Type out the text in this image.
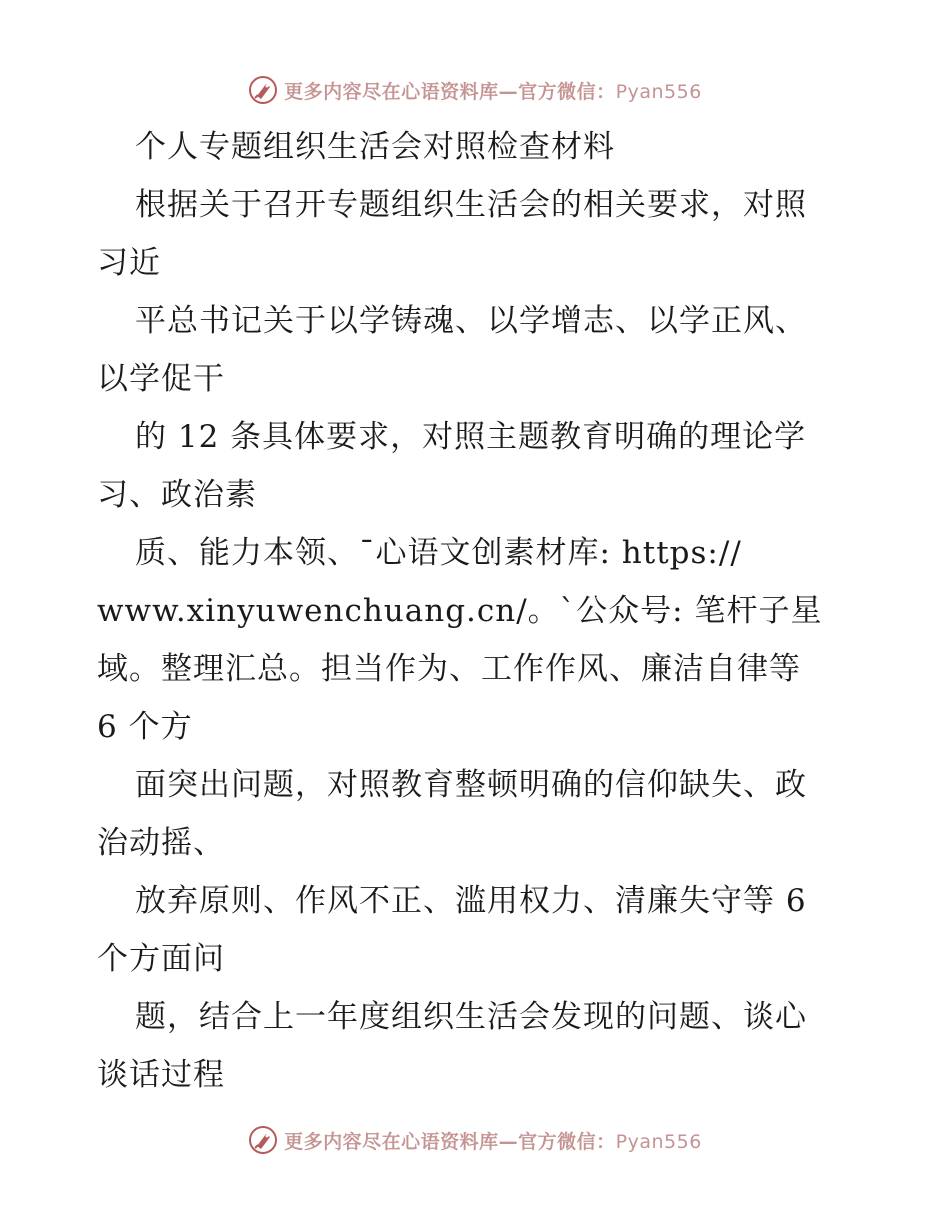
更多内容尽在心语资料库—官方微信：Pyan556
个人专题组织生活会对照检查材料
根据关于召开专题组织生活会的相关要求，对照
习近
平总书记关于以学铸魂、以学增志、以学正风、
以学促干
的 12 条具体要求，对照主题教育明确的理论学
习、政治素
质、能力本领、¯心语文创素材库: https://
www.xinyuwenchuang.cn/。`公众号: 笔杆子星
域。整理汇总。担当作为、工作作风、廉洁自律等
6 个方
面突出问题，对照教育整顿明确的信仰缺失、政
治动摇、
放弃原则、作风不正、滥用权力、清廉失守等 6
个方面问
题，结合上一年度组织生活会发现的问题、谈心
谈话过程
更多内容尽在心语资料库—官方微信：Pyan556
